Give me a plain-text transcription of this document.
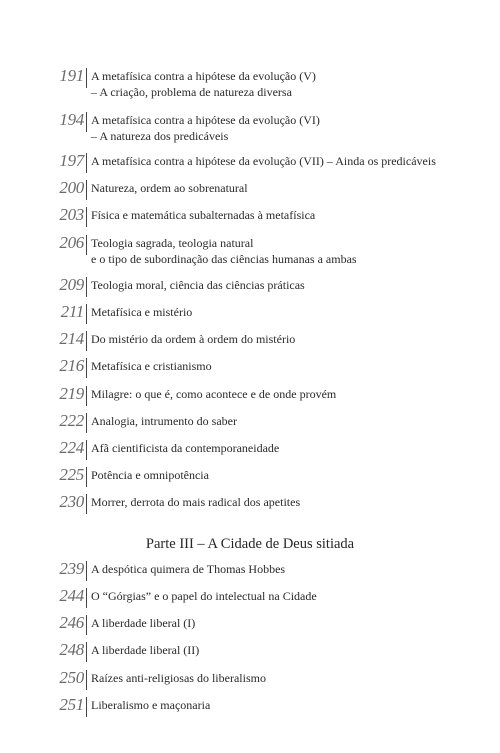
191 A metafísica contra a hipótese da evolução (V)
– A criação, problema de natureza diversa
194 A metafísica contra a hipótese da evolução (VI)
– A natureza dos predicáveis
197 A metafísica contra a hipótese da evolução (VII) – Ainda os predicáveis
200 Natureza, ordem ao sobrenatural
203 Física e matemática subalternadas à metafísica
206 Teologia sagrada, teologia natural
e o tipo de subordinação das ciências humanas a ambas
209 Teologia moral, ciência das ciências práticas
211 Metafísica e mistério
214 Do mistério da ordem à ordem do mistério
216 Metafísica e cristianismo
219 Milagre: o que é, como acontece e de onde provém
222 Analogia, intrumento do saber
224 Afã cientificista da contemporaneidade
225 Potência e omnipotência
230 Morrer, derrota do mais radical dos apetites
Parte III – A Cidade de Deus sitiada
239 A despótica quimera de Thomas Hobbes
244 O “Górgias” e o papel do intelectual na Cidade
246 A liberdade liberal (I)
248 A liberdade liberal (II)
250 Raízes anti-religiosas do liberalismo
251 Liberalismo e maçonaria
